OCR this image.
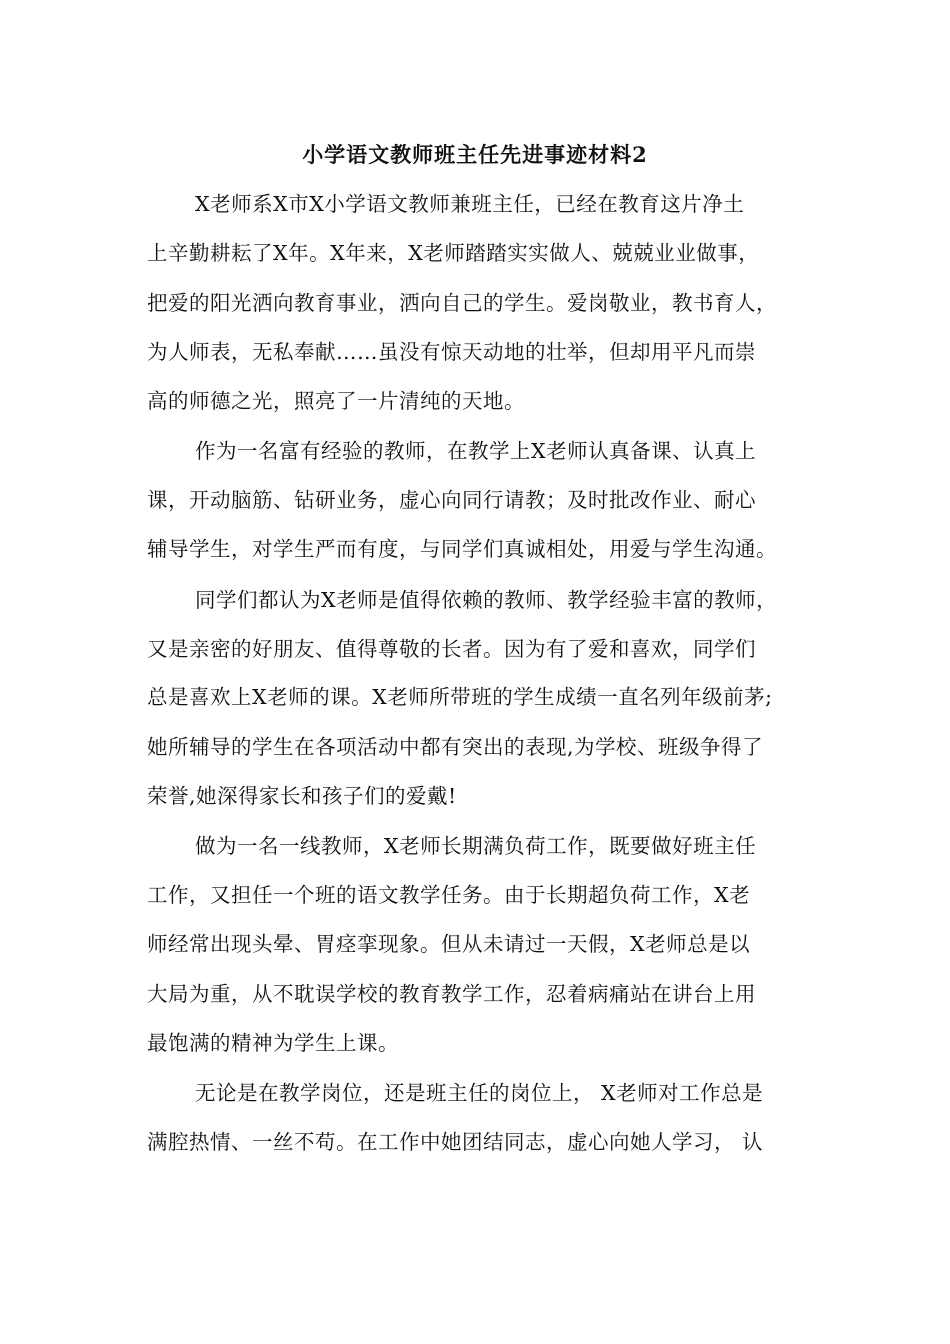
小学语文教师班主任先进事迹材料2

X老师系X市X小学语文教师兼班主任，已经在教育这片净土

上辛勤耕耘了X年。X年来，X老师踏踏实实做人、兢兢业业做事，

把爱的阳光洒向教育事业，洒向自己的学生。爱岗敬业，教书育人，

为人师表，无私奉献……虽没有惊天动地的壮举，但却用平凡而崇

高的师德之光，照亮了一片清纯的天地。

作为一名富有经验的教师，在教学上X老师认真备课、认真上

课，开动脑筋、钻研业务，虚心向同行请教；及时批改作业、耐心

辅导学生，对学生严而有度，与同学们真诚相处，用爱与学生沟通。

同学们都认为X老师是值得依赖的教师、教学经验丰富的教师，

又是亲密的好朋友、值得尊敬的长者。因为有了爱和喜欢，同学们

总是喜欢上X老师的课。X老师所带班的学生成绩一直名列年级前茅;

她所辅导的学生在各项活动中都有突出的表现,为学校、班级争得了

荣誉,她深得家长和孩子们的爱戴!

做为一名一线教师，X老师长期满负荷工作，既要做好班主任

工作，又担任一个班的语文教学任务。由于长期超负荷工作，X老

师经常出现头晕、胃痉挛现象。但从未请过一天假，X老师总是以

大局为重，从不耽误学校的教育教学工作，忍着病痛站在讲台上用

最饱满的精神为学生上课。

无论是在教学岗位，还是班主任的岗位上， X老师对工作总是

满腔热情、一丝不苟。在工作中她团结同志，虚心向她人学习， 认
